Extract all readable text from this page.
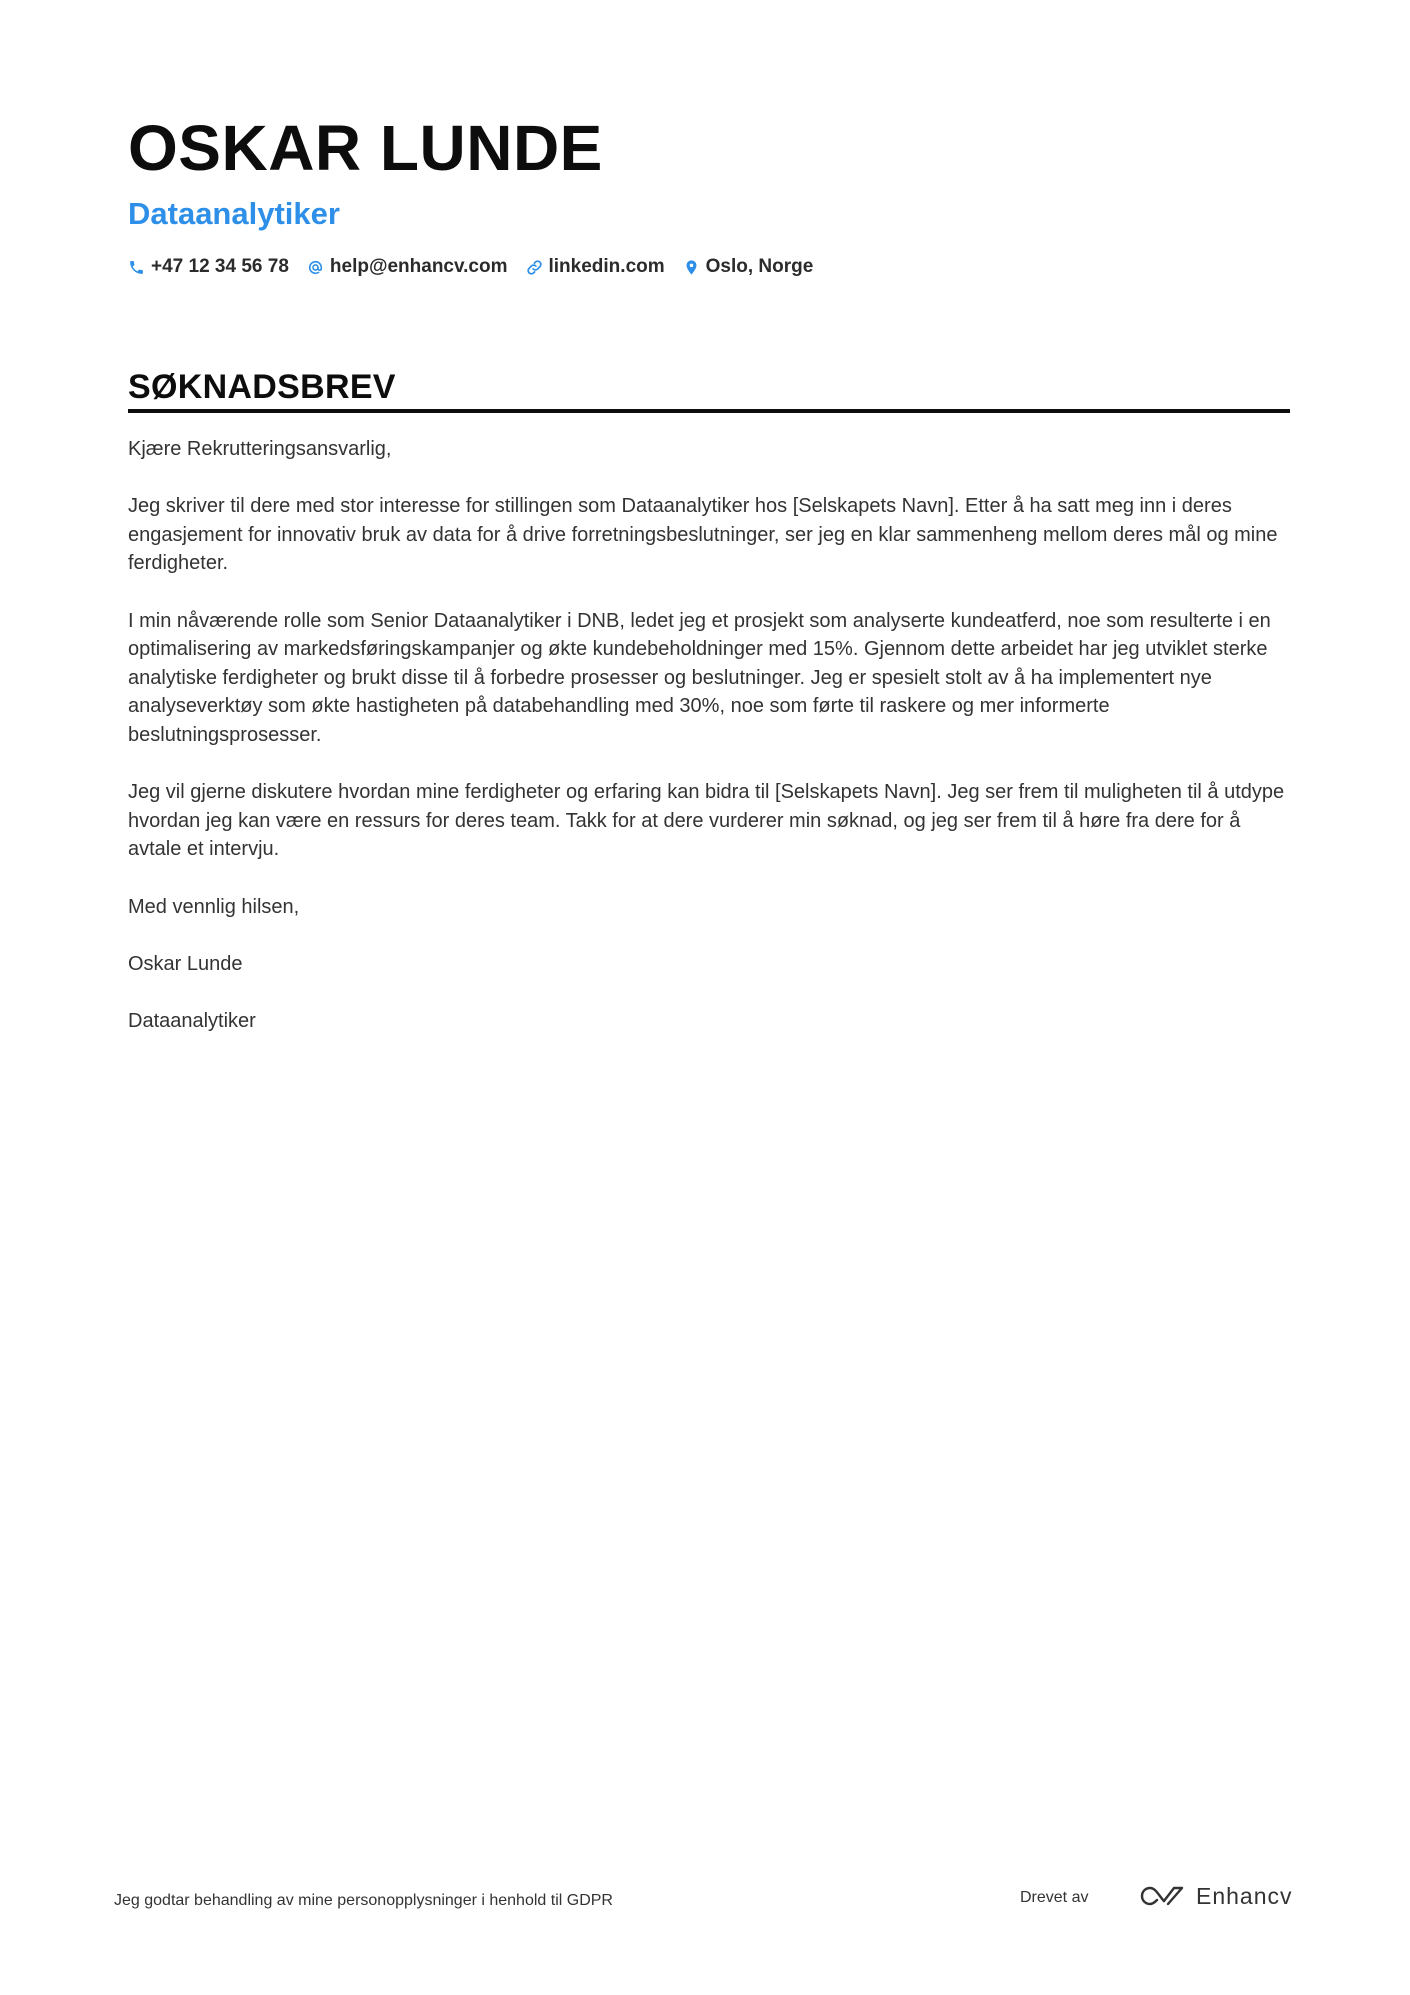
OSKAR LUNDE
Dataanalytiker
+47 12 34 56 78 help@enhancv.com linkedin.com Oslo, Norge
SØKNADSBREV

Kjære Rekrutteringsansvarlig,

Jeg skriver til dere med stor interesse for stillingen som Dataanalytiker hos [Selskapets Navn]. Etter å ha satt meg inn i deres engasjement for innovativ bruk av data for å drive forretningsbeslutninger, ser jeg en klar sammenheng mellom deres mål og mine ferdigheter.

I min nåværende rolle som Senior Dataanalytiker i DNB, ledet jeg et prosjekt som analyserte kundeatferd, noe som resulterte i en optimalisering av markedsføringskampanjer og økte kundebeholdninger med 15%. Gjennom dette arbeidet har jeg utviklet sterke analytiske ferdigheter og brukt disse til å forbedre prosesser og beslutninger. Jeg er spesielt stolt av å ha implementert nye analyseverktøy som økte hastigheten på databehandling med 30%, noe som førte til raskere og mer informerte beslutningsprosesser.

Jeg vil gjerne diskutere hvordan mine ferdigheter og erfaring kan bidra til [Selskapets Navn]. Jeg ser frem til muligheten til å utdype hvordan jeg kan være en ressurs for deres team. Takk for at dere vurderer min søknad, og jeg ser frem til å høre fra dere for å avtale et intervju.

Med vennlig hilsen,

Oskar Lunde

Dataanalytiker

Jeg godtar behandling av mine personopplysninger i henhold til GDPR	Drevet av	Enhancv
